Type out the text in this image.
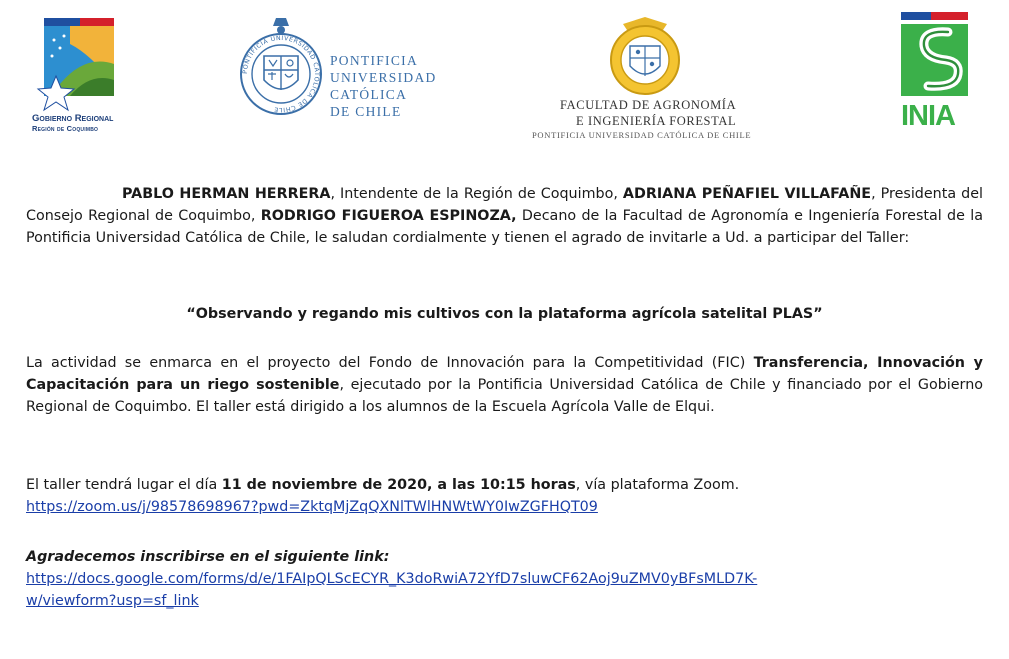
Gobierno Regional
Región de Coquimbo
PONTIFICIA UNIVERSIDAD CATOLICA DE CHILE
PONTIFICIA
UNIVERSIDAD
CATÓLICA
DE CHILE	FACULTAD DE AGRONOMÍA
E INGENIERÍA FORESTAL
PONTIFICIA UNIVERSIDAD CATÓLICA DE CHILE
INIA
PABLO HERMAN HERRERA, Intendente de la Región de Coquimbo, ADRIANA PEÑAFIEL VILLAFAÑE, Presidenta del Consejo Regional de Coquimbo, RODRIGO FIGUEROA ESPINOZA, Decano de la Facultad de Agronomía e Ingeniería Forestal de la Pontificia Universidad Católica de Chile, le saludan cordialmente y tienen el agrado de invitarle a Ud. a participar del Taller:
“Observando y regando mis cultivos con la plataforma agrícola satelital PLAS”
La actividad se enmarca en el proyecto del Fondo de Innovación para la Competitividad (FIC) Transferencia, Innovación y Capacitación para un riego sostenible, ejecutado por la Pontificia Universidad Católica de Chile y financiado por el Gobierno Regional de Coquimbo. El taller está dirigido a los alumnos de la Escuela Agrícola Valle de Elqui.
El taller tendrá lugar el día 11 de noviembre de 2020, a las 10:15 horas, vía plataforma Zoom.
https://zoom.us/j/98578698967?pwd=ZktqMjZqQXNlTWlHNWtWY0IwZGFHQT09
Agradecemos inscribirse en el siguiente link:
https://docs.google.com/forms/d/e/1FAIpQLScECYR_K3doRwiA72YfD7sluwCF62Aoj9uZMV0yBFsMLD7K-
w/viewform?usp=sf_link
